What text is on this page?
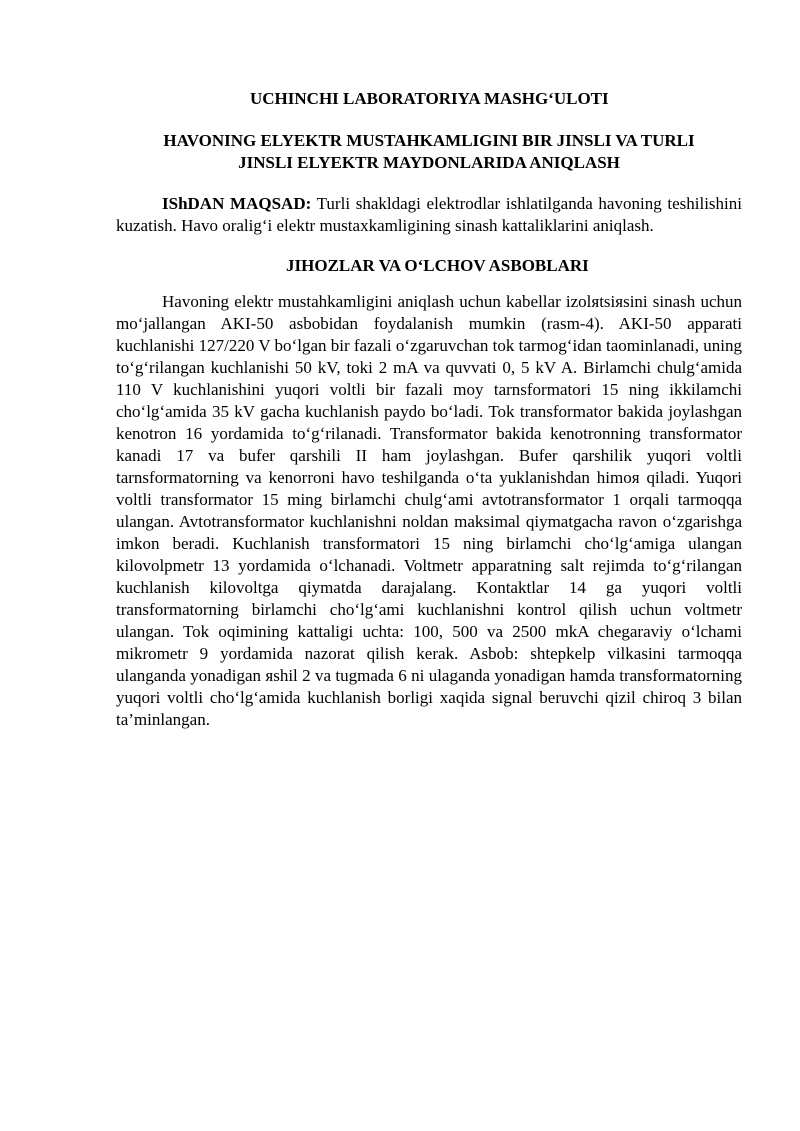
UCHINCHI LABORATORIYA MASHG‘ULOTI
HAVONING ELYEKTR MUSTAHKAMLIGINI BIR JINSLI VA TURLI
JINSLI ELYEKTR MAYDONLARIDA ANIQLASH

IShDAN MAQSAD: Turli shakldagi elektrodlar ishlatilganda havoning teshilishini kuzatish. Havo oralig‘i elektr mustaxkamligining sinash kattaliklarini aniqlash.

JIHOZLAR VA O‘LCHOV ASBOBLARI

Havoning elektr mustahkamligini aniqlash uchun kabellar izolяtsiяsini sinash uchun mo‘jallangan AKI-50 asbobidan foydalanish mumkin (rasm-4). AKI-50 apparati kuchlanishi 127/220 V bo‘lgan bir fazali o‘zgaruvchan tok tarmog‘idan taominlanadi, uning to‘g‘rilangan kuchlanishi 50 kV, toki 2 mA va quvvati 0, 5 kV A. Birlamchi chulg‘amida 110 V kuchlanishini yuqori voltli bir fazali moy tarnsformatori 15 ning ikkilamchi cho‘lg‘amida 35 kV gacha kuchlanish paydo bo‘ladi. Tok transformator bakida joylashgan kenotron 16 yordamida to‘g‘rilanadi. Transformator bakida kenotronning transformator kanadi 17 va bufer qarshili II ham joylashgan. Bufer qarshilik yuqori voltli tarnsformatorning va kenorroni havo teshilganda o‘ta yuklanishdan himoя qiladi. Yuqori voltli transformator 15 ming birlamchi chulg‘ami avtotransformator 1 orqali tarmoqqa ulangan. Avtotransformator kuchlanishni noldan maksimal qiymatgacha ravon o‘zgarishga imkon beradi. Kuchlanish transformatori 15 ning birlamchi cho‘lg‘amiga ulangan kilovolpmetr 13 yordamida o‘lchanadi. Voltmetr apparatning salt rejimda to‘g‘rilangan kuchlanish kilovoltga qiymatda darajalang. Kontaktlar 14 ga yuqori voltli transformatorning birlamchi cho‘lg‘ami kuchlanishni kontrol qilish uchun voltmetr ulangan. Tok oqimining kattaligi uchta: 100, 500 va 2500 mkA chegaraviy o‘lchami mikrometr 9 yordamida nazorat qilish kerak. Asbob: shtepkelp vilkasini tarmoqqa ulanganda yonadigan яshil 2 va tugmada 6 ni ulaganda yonadigan hamda transformatorning yuqori voltli cho‘lg‘amida kuchlanish borligi xaqida signal beruvchi qizil chiroq 3 bilan ta’minlangan.
